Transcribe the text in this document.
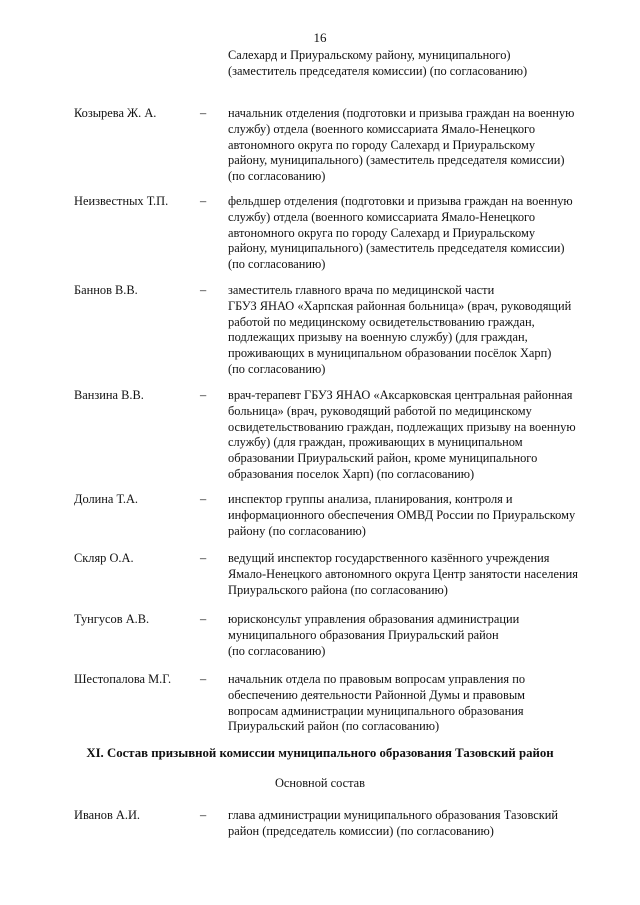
16
Салехард и Приуральскому району, муниципального)
(заместитель председателя комиссии) (по согласованию)
Козырева Ж. А.	– начальник отделения (подготовки и призыва граждан на военную
службу) отдела (военного комиссариата Ямало-Ненецкого
автономного округа по городу Салехард и Приуральскому
району, муниципального) (заместитель председателя комиссии)
(по согласованию)
Неизвестных Т.П.	– фельдшер отделения (подготовки и призыва граждан на военную
службу) отдела (военного комиссариата Ямало-Ненецкого
автономного округа по городу Салехард и Приуральскому
району, муниципального) (заместитель председателя комиссии)
(по согласованию)
Баннов В.В.	– заместитель главного врача по медицинской части
ГБУЗ ЯНАО «Харпская районная больница» (врач, руководящий
работой по медицинскому освидетельствованию граждан,
подлежащих призыву на военную службу) (для граждан,
проживающих в муниципальном образовании посёлок Харп)
(по согласованию)
Ванзина В.В.	– врач-терапевт ГБУЗ ЯНАО «Аксарковская центральная районная
больница» (врач, руководящий работой по медицинскому
освидетельствованию граждан, подлежащих призыву на военную
службу) (для граждан, проживающих в муниципальном
образовании Приуральский район, кроме муниципального
образования поселок Харп) (по согласованию)
Долина Т.А.	– инспектор группы анализа, планирования, контроля и
информационного обеспечения ОМВД России по Приуральскому
району (по согласованию)
Скляр О.А.	– ведущий инспектор государственного казённого учреждения
Ямало-Ненецкого автономного округа Центр занятости населения
Приуральского района (по согласованию)
Тунгусов А.В.	– юрисконсульт управления образования администрации
муниципального образования Приуральский район
(по согласованию)
Шестопалова М.Г. – начальник отдела по правовым вопросам управления по
обеспечению деятельности Районной Думы и правовым
вопросам администрации муниципального образования
Приуральский район (по согласованию)
XI. Состав призывной комиссии муниципального образования Тазовский район
Основной состав
Иванов А.И.	– глава администрации муниципального образования Тазовский
район (председатель комиссии) (по согласованию)
